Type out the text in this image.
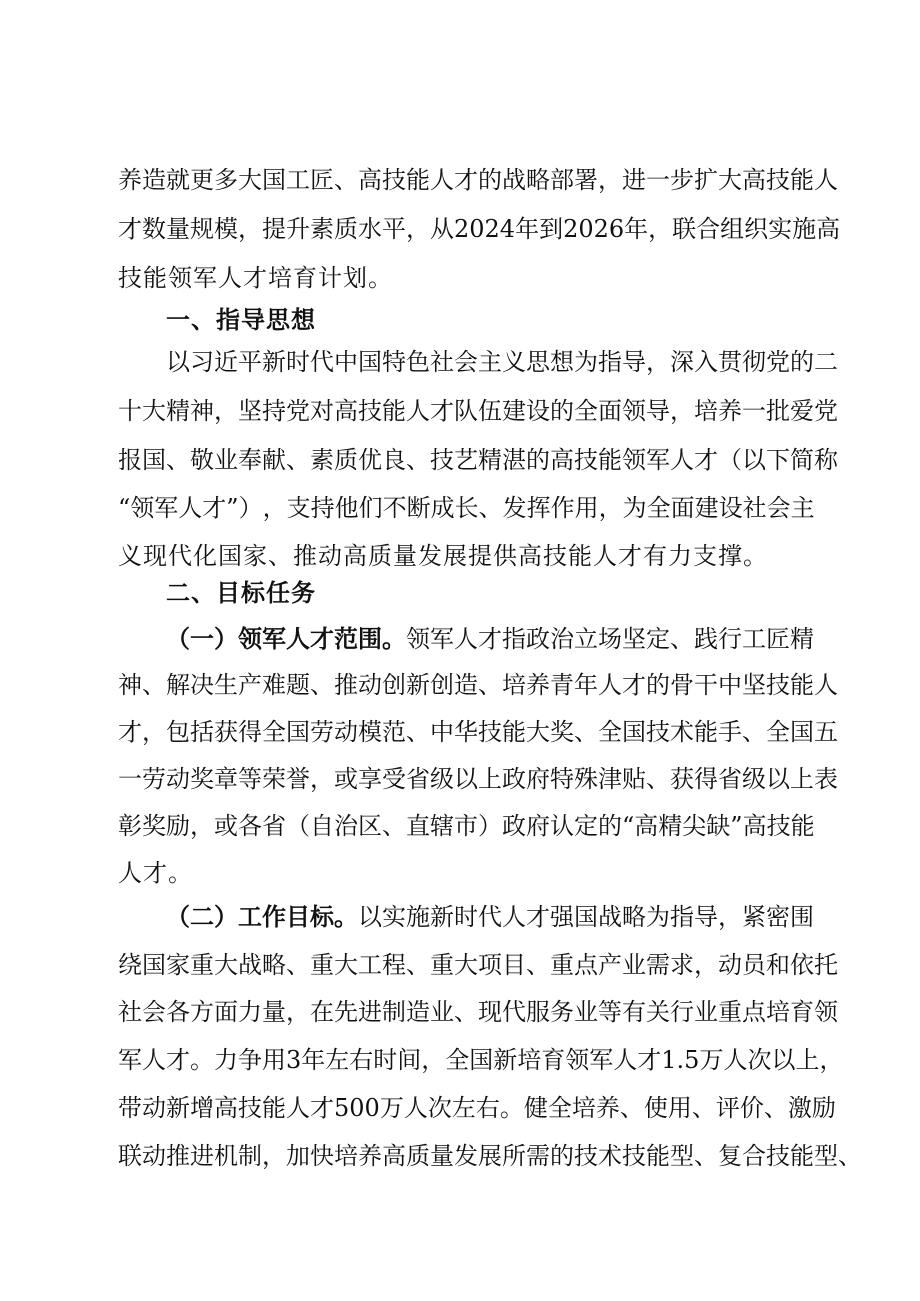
养 造 就 更 多 大 国 工 匠 、 高 技 能 人 才 的 战 略 部 署 ， 进 一 步 扩 大 高 技 能 人
才 数 量 规 模 ， 提 升 素 质 水 平 ， 从 2024 年 到 2026 年 ， 联 合 组 织 实 施 高
技能领军人才培育计划。
一、指导思想
以 习 近 平 新 时 代 中 国 特 色 社 会 主 义 思 想 为 指 导 ， 深 入 贯 彻 党 的 二
十 大 精 神 ， 坚 持 党 对 高 技 能 人 才 队 伍 建 设 的 全 面 领 导 ， 培 养 一 批 爱 党
报 国 、 敬 业 奉 献 、 素 质 优 良 、 技 艺 精 湛 的 高 技 能 领 军 人 才 （ 以 下 简 称
“ 领 军 人 才 ” ） ， 支 持 他 们 不 断 成 长 、 发 挥 作 用 ， 为 全 面 建 设 社 会 主
义现代化国家、推动高质量发展提供高技能人才有力支撑。
二、目标任务
（一）领军人才范围。 领军人才指政治立场坚定、践行工匠精
神 、 解 决 生 产 难 题 、 推 动 创 新 创 造 、 培 养 青 年 人 才 的 骨 干 中 坚 技 能 人
才 ， 包 括 获 得 全 国 劳 动 模 范 、 中 华 技 能 大 奖 、 全 国 技 术 能 手 、 全 国 五
一 劳 动 奖 章 等 荣 誉 ， 或 享 受 省 级 以 上 政 府 特 殊 津 贴 、 获 得 省 级 以 上 表
彰 奖 励 ， 或 各 省 （ 自 治 区 、 直 辖 市 ） 政 府 认 定 的 “ 高 精 尖 缺 ” 高 技 能
人才。
（二）工作目标。 以实施新时代人才强国战略为指导，紧密围
绕 国 家 重 大 战 略 、 重 大 工 程 、 重 大 项 目 、 重 点 产 业 需 求 ， 动 员 和 依 托
社 会 各 方 面 力 量 ， 在 先 进 制 造 业 、 现 代 服 务 业 等 有 关 行 业 重 点 培 育 领
军 人 才 。 力 争 用 3 年 左 右 时 间 ， 全 国 新 培 育 领 军 人 才 1.5 万 人 次 以 上 ，
带 动 新 增 高 技 能 人 才 500 万 人 次 左 右 。 健 全 培 养 、 使 用 、 评 价 、 激 励
联 动 推 进 机 制 ， 加 快 培 养 高 质 量 发 展 所 需 的 技 术 技 能 型 、 复 合 技 能 型 、
